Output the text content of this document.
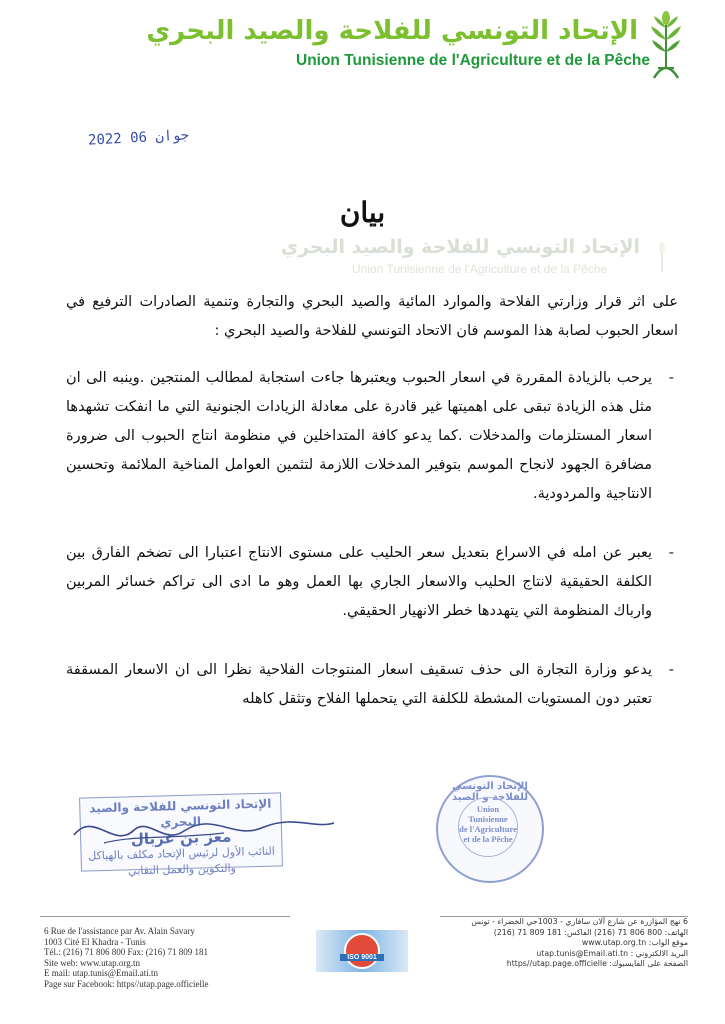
الإتحاد التونسي للفلاحة والصيد البحري
Union Tunisienne de l'Agriculture et de la Pêche
2022 جوان 06
بيان
الإتحاد التونسي للفلاحة والصيد البحري
Union Tunisienne de l'Agriculture et de la Pêche

على اثر قرار وزارتي الفلاحة والموارد المائية والصيد البحري والتجارة وتنمية الصادرات الترفيع في اسعار الحبوب لصابة هذا الموسم فان الاتحاد التونسي للفلاحة والصيد البحري :

-
يرحب بالزيادة المقررة في اسعار الحبوب ويعتبرها جاءت استجابة لمطالب المنتجين .وينبه الى ان مثل هذه الزيادة تبقى على اهميتها غير قادرة على معادلة الزيادات الجنونية التي ما انفكت تشهدها اسعار المستلزمات والمدخلات .كما يدعو كافة المتداخلين في منظومة انتاج الحبوب الى ضرورة مضافرة الجهود لانجاح الموسم بتوفير المدخلات اللازمة لتثمين العوامل المناخية الملائمة وتحسين الانتاجية والمردودية.
-
يعبر عن امله في الاسراع بتعديل سعر الحليب على مستوى الانتاج اعتبارا الى تضخم الفارق بين الكلفة الحقيقية لانتاج الحليب والاسعار الجاري بها العمل وهو ما ادى الى تراكم خسائر المربين وارباك المنظومة التي يتهددها خطر الانهيار الحقيقي.
-
يدعو وزارة التجارة الى حذف تسقيف اسعار المنتوجات الفلاحية نظرا الى ان الاسعار المسقفة تعتبر دون المستويات المشطة للكلفة التي يتحملها الفلاح وتثقل كاهله
الإتحاد التونسي للفلاحة والصيد البحري
معز بن غربال
النائب الأول لرئيس الإتحاد مكلف بالهياكل
والتكوين والعمل النقابي
الإتحاد التونسي للفلاحة و الصيد
Union
Tunisienne
de l'Agriculture
et de la Pêche
6 Rue de l'assistance par Av. Alain Savary
1003 Cité El Khadra - Tunis
Tél.: (216) 71 806 800 Fax: (216) 71 809 181
Site web: www.utap.org.tn
E mail: utap.tunis@Email.ati.tn
Page sur Facebook: https//utap.page.officielle
ISO 9001
6 نهج المؤازرة عن شارع آلان سافاري - 1003حي الخضراء - تونس
الهاتف: 800 806 71 (216) الفاكس: 181 809 71 (216)
موقع الواب: www.utap.org.tn
البريد الالكتروني : utap.tunis@Email.ati.tn
الصفحة على الفايسبوك: https//utap.page.officielle
